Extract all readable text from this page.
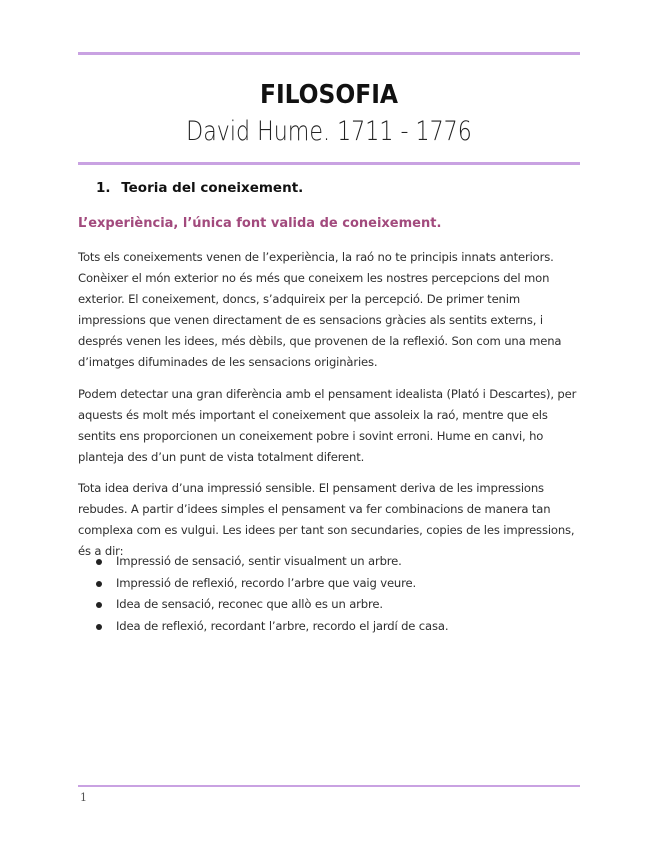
FILOSOFIA
David Hume. 1711 - 1776
1. Teoria del coneixement.
L’experiència, l’única font valida de coneixement.
Tots els coneixements venen de l’experiència, la raó no te principis innats anteriors. Conèixer el món exterior no és més que coneixem les nostres percepcions del mon exterior. El coneixement, doncs, s’adquireix per la percepció. De primer tenim impressions que venen directament de es sensacions gràcies als sentits externs, i després venen les idees, més dèbils, que provenen de la reflexió. Son com una mena d’imatges difuminades de les sensacions originàries.
Podem detectar una gran diferència amb el pensament idealista (Plató i Descartes), per aquests és molt més important el coneixement que assoleix la raó, mentre que els sentits ens proporcionen un coneixement pobre i sovint erroni. Hume en canvi, ho planteja des d’un punt de vista totalment diferent.
Tota idea deriva d’una impressió sensible. El pensament deriva de les impressions rebudes. A partir d’idees simples el pensament va fer combinacions de manera tan complexa com es vulgui. Les idees per tant son secundaries, copies de les impressions, és a dir:
Impressió de sensació, sentir visualment un arbre.
Impressió de reflexió, recordo l’arbre que vaig veure.
Idea de sensació, reconec que allò es un arbre.
Idea de reflexió, recordant l’arbre, recordo el jardí de casa.
1
